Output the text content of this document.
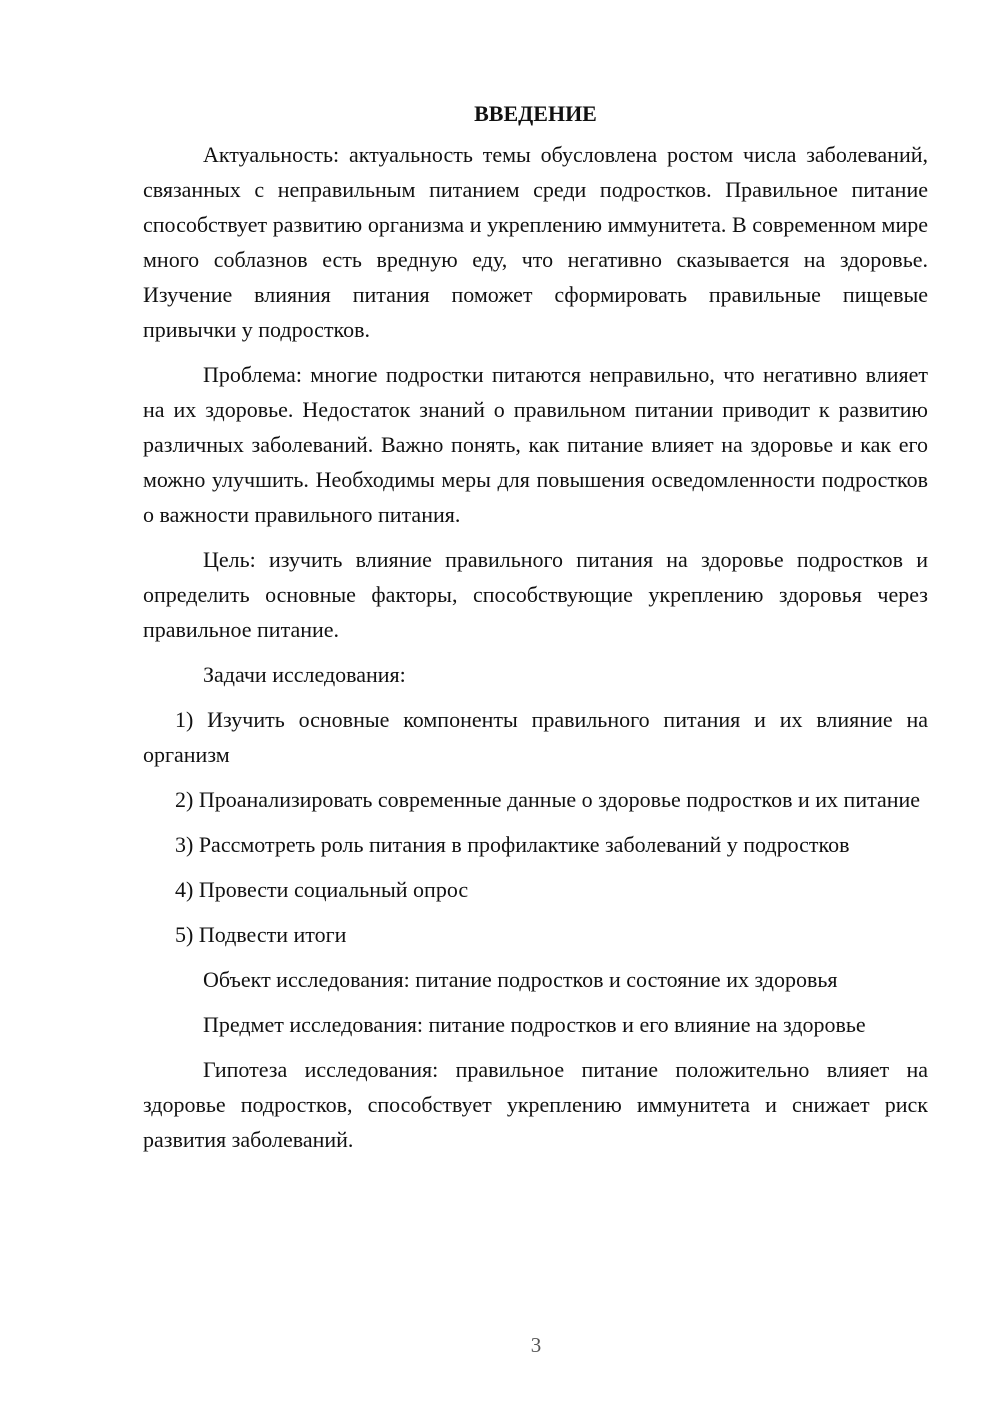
ВВЕДЕНИЕ

Актуальность: актуальность темы обусловлена ростом числа заболеваний, связанных с неправильным питанием среди подростков. Правильное питание способствует развитию организма и укреплению иммунитета. В современном мире много соблазнов есть вредную еду, что негативно сказывается на здоровье. Изучение влияния питания поможет сформировать правильные пищевые привычки у подростков.

Проблема: многие подростки питаются неправильно, что негативно влияет на их здоровье. Недостаток знаний о правильном питании приводит к развитию различных заболеваний. Важно понять, как питание влияет на здоровье и как его можно улучшить. Необходимы меры для повышения осведомленности подростков о важности правильного питания.

Цель: изучить влияние правильного питания на здоровье подростков и определить основные факторы, способствующие укреплению здоровья через правильное питание.

Задачи исследования:

1) Изучить основные компоненты правильного питания и их влияние на организм

2) Проанализировать современные данные о здоровье подростков и их питание

3) Рассмотреть роль питания в профилактике заболеваний у подростков

4) Провести социальный опрос

5) Подвести итоги

Объект исследования: питание подростков и состояние их здоровья

Предмет исследования: питание подростков и его влияние на здоровье

Гипотеза исследования: правильное питание положительно влияет на здоровье подростков, способствует укреплению иммунитета и снижает риск развития заболеваний.

3
